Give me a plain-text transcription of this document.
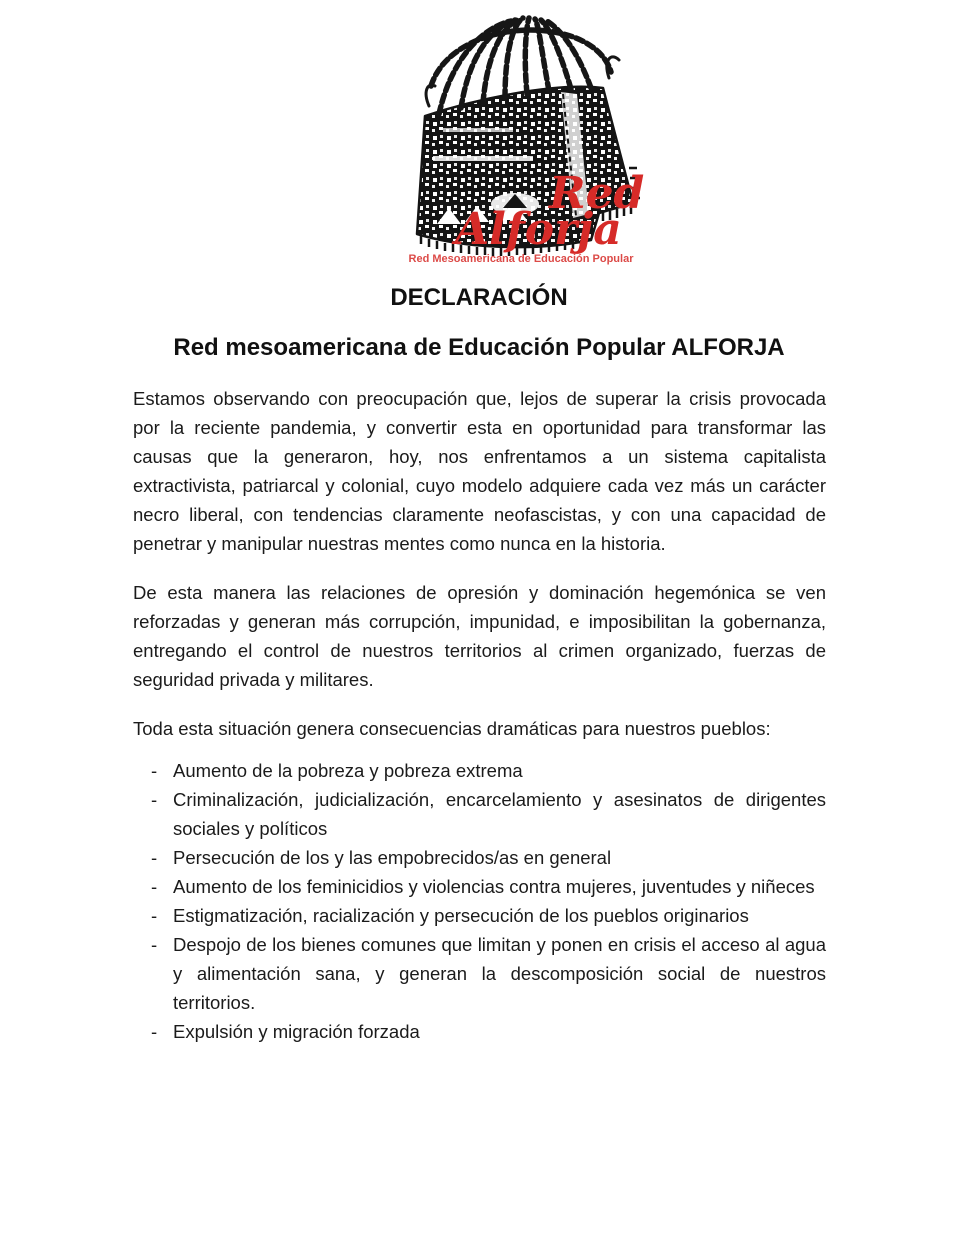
Red
Alforja
Red Mesoamericana de Educación Popular
DECLARACIÓN
Red mesoamericana de Educación Popular ALFORJA

Estamos observando con preocupación que, lejos de superar la crisis provocada por la reciente pandemia, y convertir esta en oportunidad para transformar las causas que la generaron, hoy, nos enfrentamos a un sistema capitalista extractivista, patriarcal y colonial, cuyo modelo adquiere cada vez más un carácter necro liberal, con tendencias claramente neofascistas, y con una capacidad de penetrar y manipular nuestras mentes como nunca en la historia.

De esta manera las relaciones de opresión y dominación hegemónica se ven reforzadas y generan más corrupción, impunidad, e imposibilitan la gobernanza, entregando el control de nuestros territorios al crimen organizado, fuerzas de seguridad privada y militares.

Toda esta situación genera consecuencias dramáticas para nuestros pueblos:

- Aumento de la pobreza y pobreza extrema
- Criminalización, judicialización, encarcelamiento y asesinatos de dirigentes sociales y políticos
- Persecución de los y las empobrecidos/as en general
- Aumento de los feminicidios y violencias contra mujeres, juventudes y niñeces
- Estigmatización, racialización y persecución de los pueblos originarios
- Despojo de los bienes comunes que limitan y ponen en crisis el acceso al agua y alimentación sana, y generan la descomposición social de nuestros territorios.
- Expulsión y migración forzada
